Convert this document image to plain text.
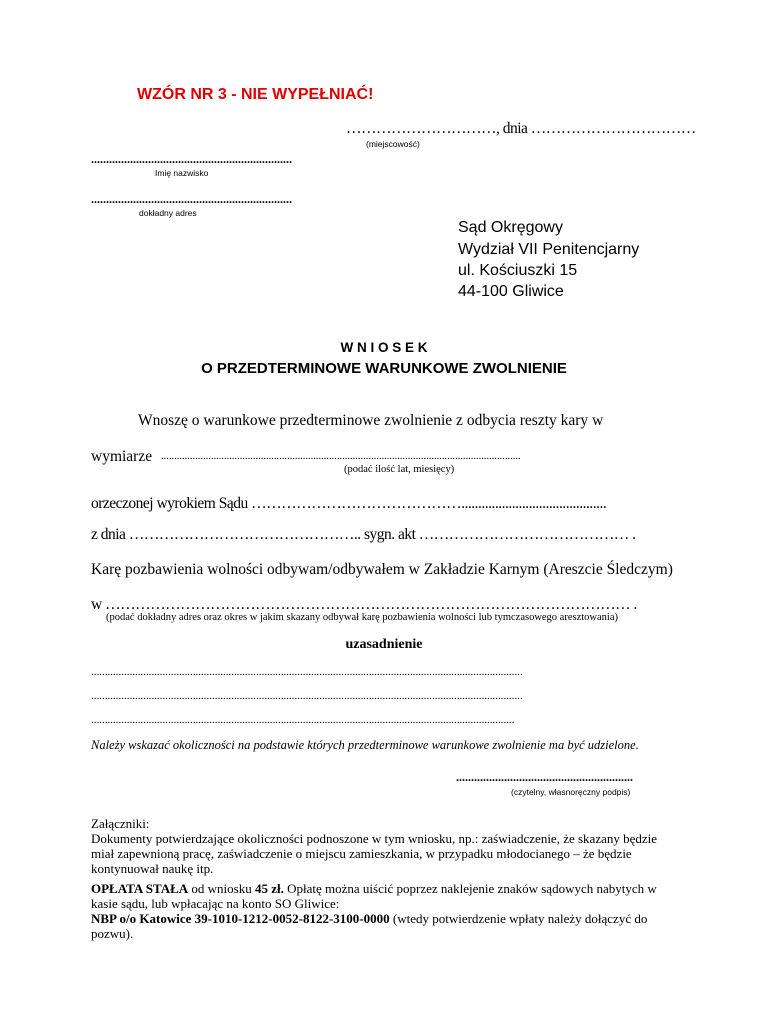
WZÓR NR 3 - NIE WYPEŁNIAĆ!
…………………………, dnia ……………………………
(miejscowość)
...................................................................
Imię nazwisko
...................................................................
dokładny adres
Sąd Okręgowy
Wydział VII Penitencjarny
ul. Kościuszki 15
44-100 Gliwice
W N I O S E K
O PRZEDTERMINOWE WARUNKOWE ZWOLNIENIE
Wnoszę o warunkowe przedterminowe zwolnienie z odbycia reszty kary w
wymiarze .........................................................................................................................................
(podać ilość lat, miesięcy)
orzeczonej wyrokiem Sądu ……………………………………...........................................
z dnia ……………………………………….. sygn. akt …………………………………… .
Karę pozbawienia wolności odbywam/odbywałem w Zakładzie Karnym (Areszcie Śledczym)
w …………………………………………………………………………………………… .
(podać dokładny adres oraz okres w jakim skazany odbywał karę pozbawienia wolności lub tymczasowego aresztowania)
uzasadnienie
.............................................................................................................................................................
.............................................................................................................................................................
..........................................................................................................................................................
Należy wskazać okoliczności na podstawie których przedterminowe warunkowe zwolnienie ma być udzielone.
...........................................................
(czytelny, własnoręczny podpis)
Załączniki:
Dokumenty potwierdzające okoliczności podnoszone w tym wniosku, np.: zaświadczenie, że skazany będzie miał zapewnioną pracę, zaświadczenie o miejscu zamieszkania, w przypadku młodocianego – że będzie kontynuował naukę itp.
OPŁATA STAŁA od wniosku 45 zł. Opłatę można uiścić poprzez naklejenie znaków sądowych nabytych w kasie sądu, lub wpłacając na konto SO Gliwice:
NBP o/o Katowice 39-1010-1212-0052-8122-3100-0000 (wtedy potwierdzenie wpłaty należy dołączyć do pozwu).
